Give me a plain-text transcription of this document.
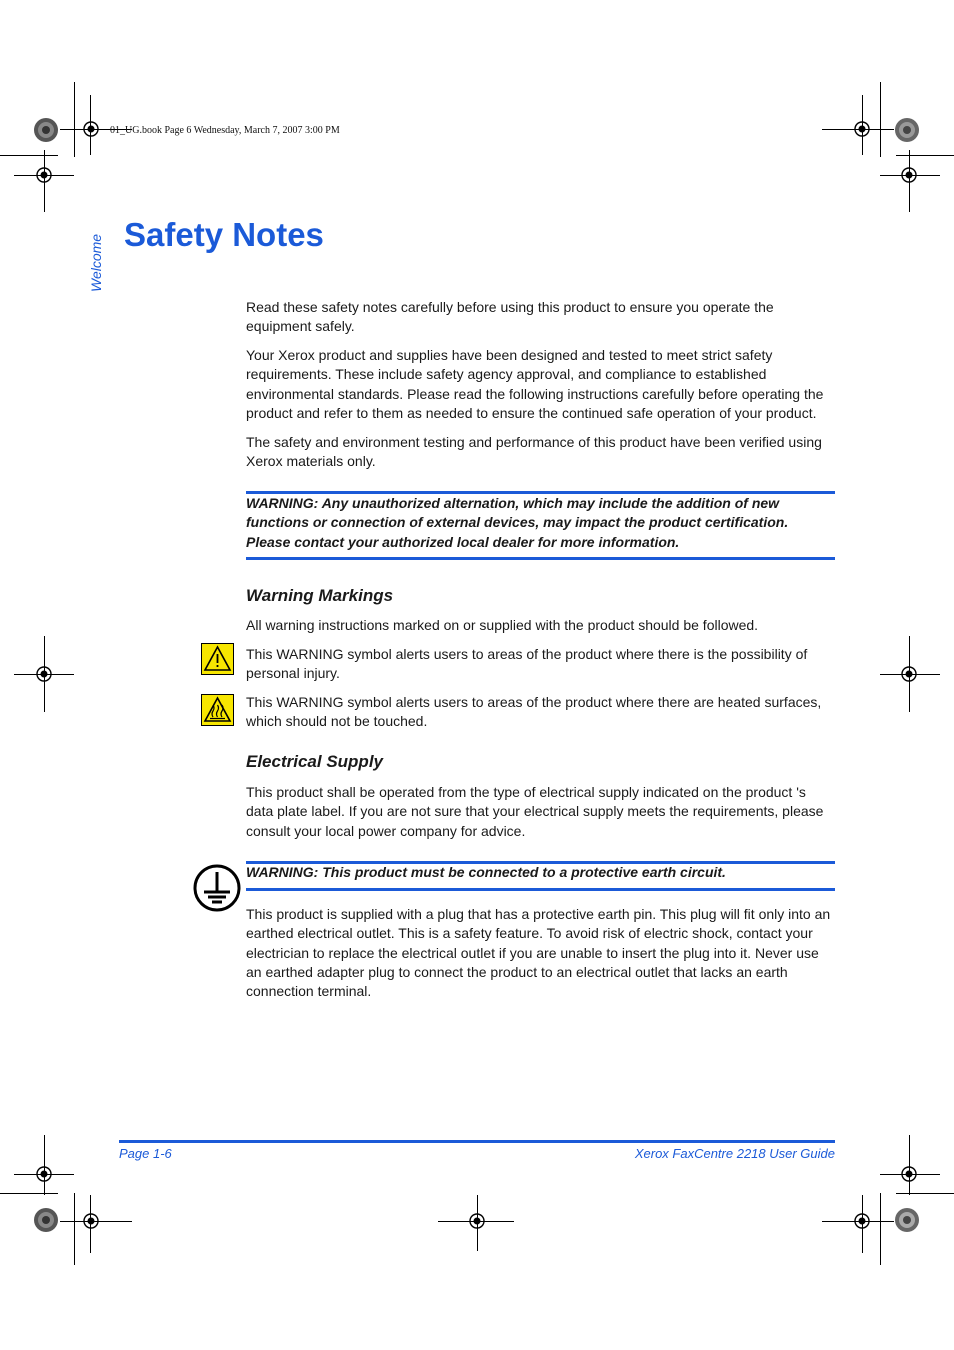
01_UG.book Page 6 Wednesday, March 7, 2007 3:00 PM
Welcome Safety Notes

Read these safety notes carefully before using this product to ensure you operate the equipment safely.

Your Xerox product and supplies have been designed and tested to meet strict safety requirements. These include safety agency approval, and compliance to established environmental standards. Please read the following instructions carefully before operating the product and refer to them as needed to ensure the continued safe operation of your product.

The safety and environment testing and performance of this product have been verified using Xerox materials only.

WARNING: Any unauthorized alternation, which may include the addition of new functions or connection of external devices, may impact the product certification. Please contact your authorized local dealer for more information.

Warning Markings

All warning instructions marked on or supplied with the product should be followed.

This WARNING symbol alerts users to areas of the product where there is the possibility of personal injury.

This WARNING symbol alerts users to areas of the product where there are heated surfaces, which should not be touched.

Electrical Supply

This product shall be operated from the type of electrical supply indicated on the product 's data plate label. If you are not sure that your electrical supply meets the requirements, please consult your local power company for advice.

WARNING: This product must be connected to a protective earth circuit.

This product is supplied with a plug that has a protective earth pin. This plug will fit only into an earthed electrical outlet. This is a safety feature. To avoid risk of electric shock, contact your electrician to replace the electrical outlet if you are unable to insert the plug into it. Never use an earthed adapter plug to connect the product to an electrical outlet that lacks an earth connection terminal.

Page 1-6	Xerox FaxCentre 2218 User Guide
